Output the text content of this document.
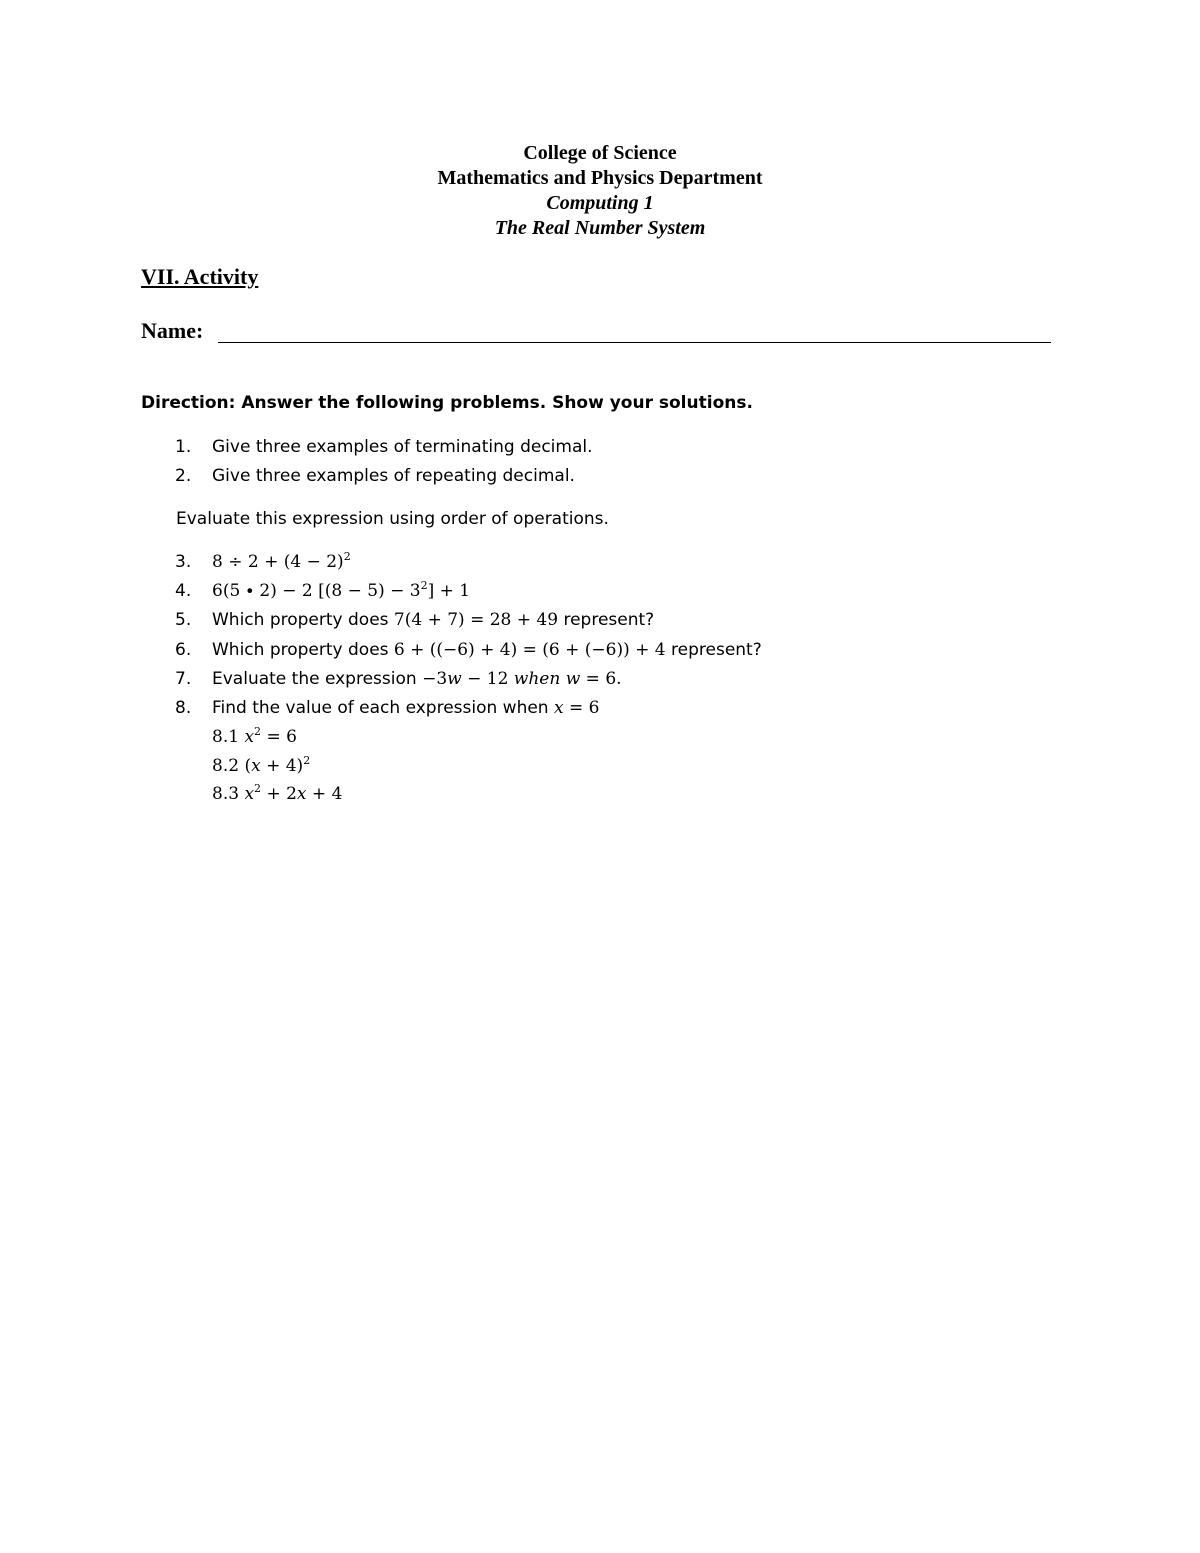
College of Science
Mathematics and Physics Department
Computing 1
The Real Number System
VII. Activity
Name:
Direction: Answer the following problems. Show your solutions.
1. Give three examples of terminating decimal.
2. Give three examples of repeating decimal.
Evaluate this expression using order of operations.
3. $8 \div 2 + (4 - 2)^2$
4. 6(5 ∙ 2) − 2 $[(8 - 5) - 3^2] + 1$
5. Which property does 7(4 + 7) = 28 + 49 represent?
6. Which property does 6 + ((−6) + 4) = (6 + (−6)) + 4 represent?
7. Evaluate the expression −3w − 12 when w = 6.
8. Find the value of each expression when x = 6
8.1 $x^2 = 6$
8.2 $(x + 4)^2$
8.3 $x^2 + 2x + 4$
